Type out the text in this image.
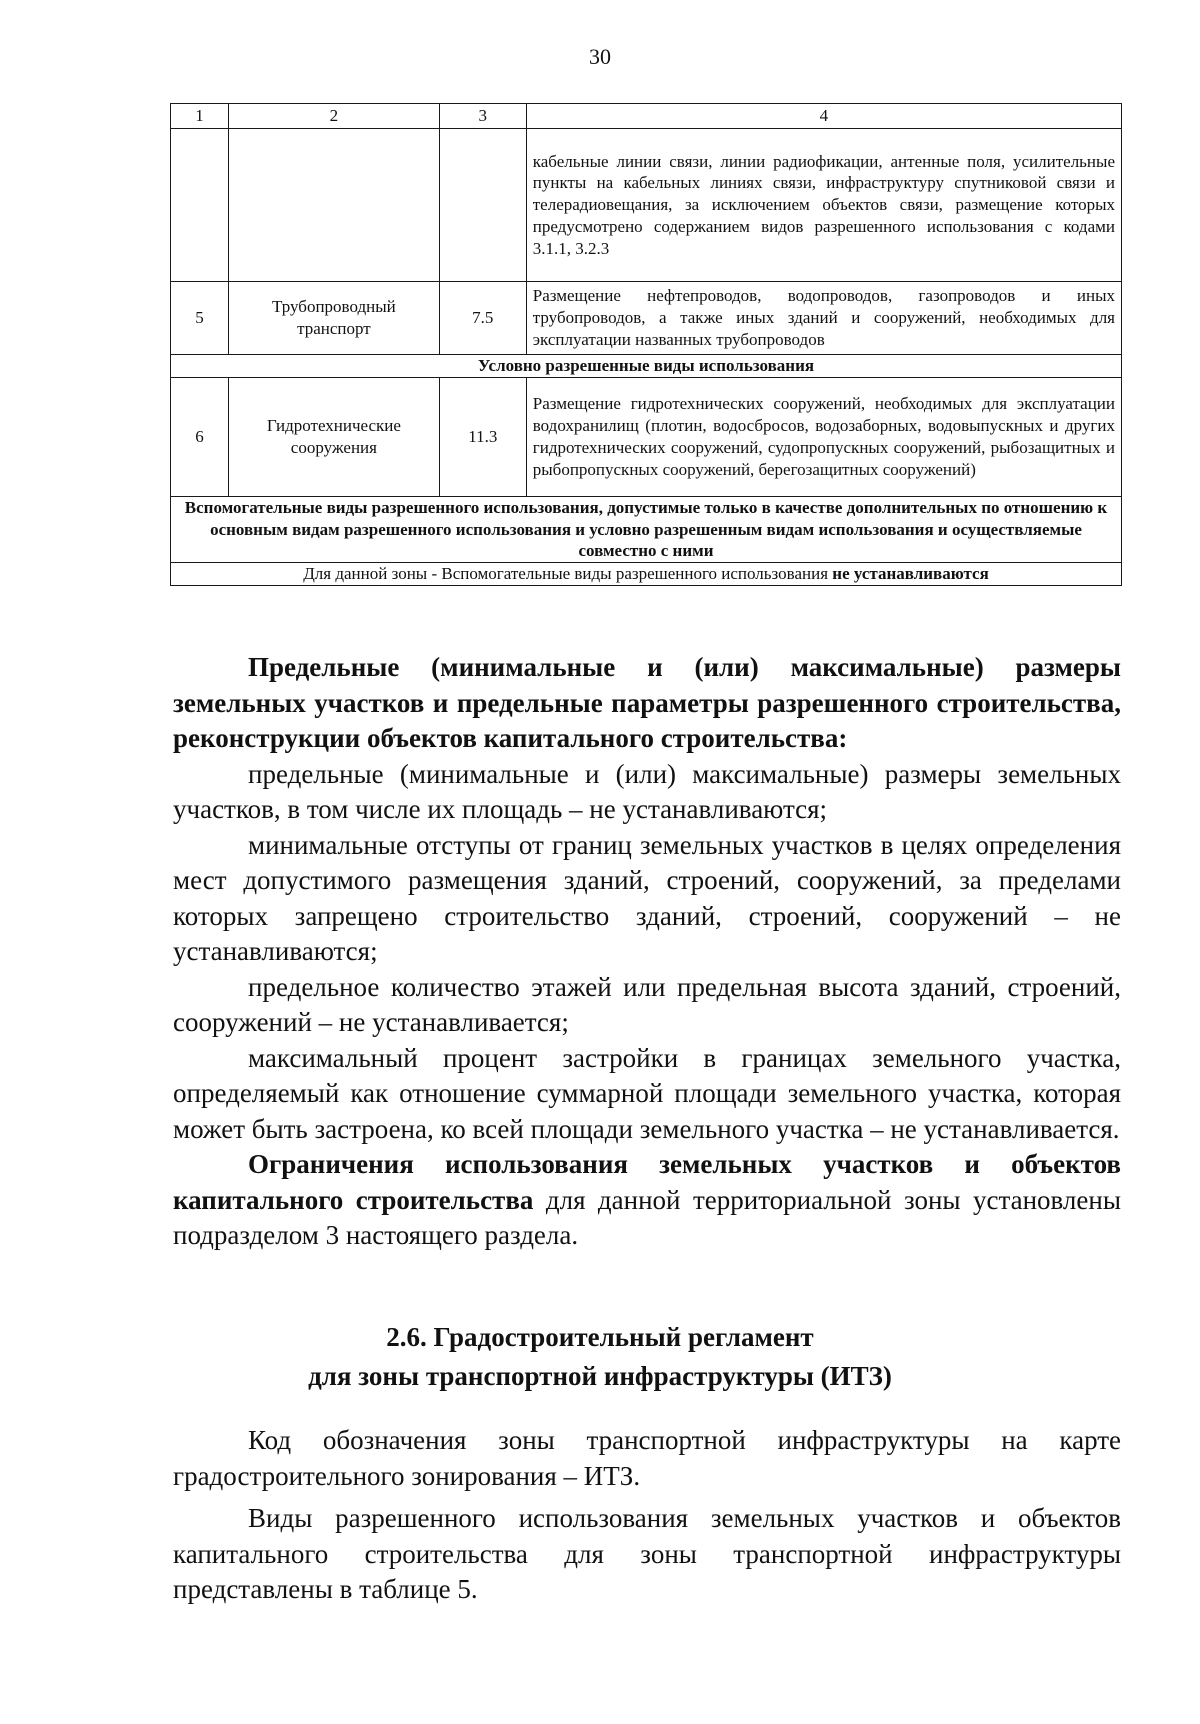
30
1	2	3	4
			кабельные линии связи, линии радиофикации, антенные поля, усилительные пункты на кабельных линиях связи, инфраструктуру спутниковой связи и телерадиовещания, за исключением объектов связи, размещение которых предусмотрено содержанием видов разрешенного использования с кодами 3.1.1, 3.2.3
5	Трубопроводный транспорт	7.5	Размещение нефтепроводов, водопроводов, газопроводов и иных трубопроводов, а также иных зданий и сооружений, необходимых для эксплуатации названных трубопроводов
Условно разрешенные виды использования			
6	Гидротехнические сооружения	11.3	Размещение гидротехнических сооружений, необходимых для эксплуатации водохранилищ (плотин, водосбросов, водозаборных, водовыпускных и других гидротехнических сооружений, судопропускных сооружений, рыбозащитных и рыбопропускных сооружений, берегозащитных сооружений)
Вспомогательные виды разрешенного использования, допустимые только в качестве дополнительных по отношению к основным видам разрешенного использования и условно разрешенным видам использования и осуществляемые совместно с ними			
Для данной зоны - Вспомогательные виды разрешенного использования не устанавливаются			

Предельные (минимальные и (или) максимальные) размеры земельных участков и предельные параметры разрешенного строительства, реконструкции объектов капитального строительства:

предельные (минимальные и (или) максимальные) размеры земельных участков, в том числе их площадь – не устанавливаются;

минимальные отступы от границ земельных участков в целях определения мест допустимого размещения зданий, строений, сооружений, за пределами которых запрещено строительство зданий, строений, сооружений – не устанавливаются;

предельное количество этажей или предельная высота зданий, строений, сооружений – не устанавливается;

максимальный процент застройки в границах земельного участка, определяемый как отношение суммарной площади земельного участка, которая может быть застроена, ко всей площади земельного участка – не устанавливается.

Ограничения использования земельных участков и объектов капитального строительства для данной территориальной зоны установлены подразделом 3 настоящего раздела.

2.6. Градостроительный регламент
для зоны транспортной инфраструктуры (ИТЗ)

Код обозначения зоны транспортной инфраструктуры на карте градостроительного зонирования – ИТЗ.

Виды разрешенного использования земельных участков и объектов капитального строительства для зоны транспортной инфраструктуры представлены в таблице 5.
